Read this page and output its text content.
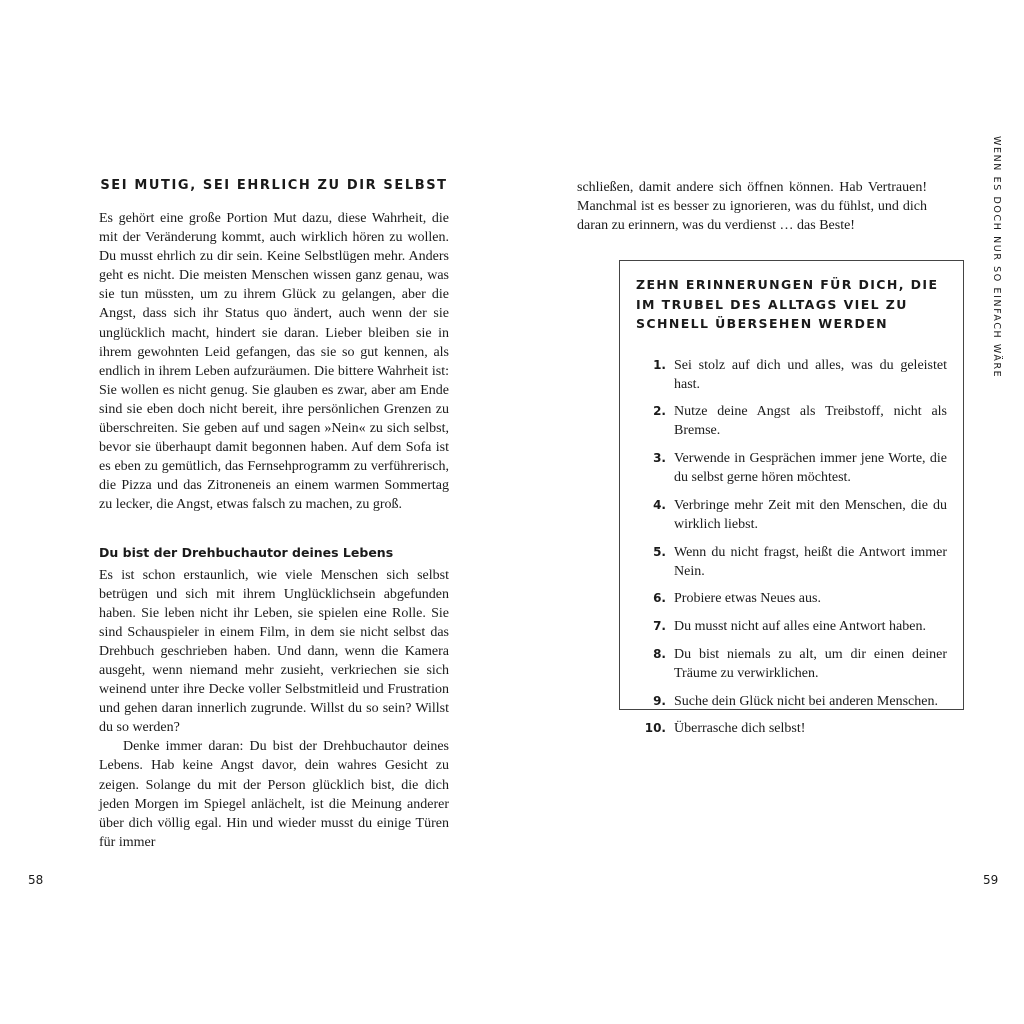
SEI MUTIG, SEI EHRLICH ZU DIR SELBST

Es gehört eine große Portion Mut dazu, diese Wahrheit, die mit der Veränderung kommt, auch wirklich hören zu wollen. Du musst ehrlich zu dir sein. Keine Selbstlügen mehr. Anders geht es nicht. Die meisten Menschen wissen ganz genau, was sie tun müssten, um zu ihrem Glück zu gelangen, aber die Angst, dass sich ihr Status quo ändert, auch wenn der sie unglücklich macht, hindert sie daran. Lieber bleiben sie in ihrem gewohnten Leid gefangen, das sie so gut kennen, als endlich in ihrem Leben aufzuräumen. Die bittere Wahrheit ist: Sie wollen es nicht genug. Sie glauben es zwar, aber am Ende sind sie eben doch nicht bereit, ihre persönlichen Grenzen zu überschreiten. Sie geben auf und sagen »Nein« zu sich selbst, bevor sie überhaupt damit begonnen haben. Auf dem Sofa ist es eben zu gemütlich, das Fernsehprogramm zu verführerisch, die Pizza und das Zitroneneis an einem warmen Sommertag zu lecker, die Angst, etwas falsch zu machen, zu groß.

Du bist der Drehbuchautor deines Lebens

Es ist schon erstaunlich, wie viele Menschen sich selbst betrügen und sich mit ihrem Unglücklichsein abgefunden haben. Sie leben nicht ihr Leben, sie spielen eine Rolle. Sie sind Schauspieler in einem Film, in dem sie nicht selbst das Drehbuch geschrieben haben. Und dann, wenn die Kamera ausgeht, wenn niemand mehr zusieht, verkriechen sie sich weinend unter ihre Decke voller Selbstmitleid und Frustration und gehen daran innerlich zugrunde. Willst du so sein? Willst du so werden?

Denke immer daran: Du bist der Drehbuchautor deines Lebens. Hab keine Angst davor, dein wahres Gesicht zu zeigen. Solange du mit der Person glücklich bist, die dich jeden Morgen im Spiegel anlächelt, ist die Meinung anderer über dich völlig egal. Hin und wieder musst du einige Türen für immer

58

schließen, damit andere sich öffnen können. Hab Vertrauen! Manchmal ist es besser zu ignorieren, was du fühlst, und dich daran zu erinnern, was du verdienst … das Beste!

ZEHN ERINNERUNGEN FÜR DICH, DIE IM TRUBEL DES ALLTAGS VIEL ZU SCHNELL ÜBERSEHEN WERDEN
1. Sei stolz auf dich und alles, was du geleistet hast.
2. Nutze deine Angst als Treibstoff, nicht als Bremse.
3. Verwende in Gesprächen immer jene Worte, die du selbst gerne hören möchtest.
4. Verbringe mehr Zeit mit den Menschen, die du wirklich liebst.
5. Wenn du nicht fragst, heißt die Antwort immer Nein.
6. Probiere etwas Neues aus.
7. Du musst nicht auf alles eine Antwort haben.
8. Du bist niemals zu alt, um dir einen deiner Träume zu verwirklichen.
9. Suche dein Glück nicht bei anderen Menschen.
10. Überrasche dich selbst!
WENN ES DOCH NUR SO EINFACH WÄRE
59
